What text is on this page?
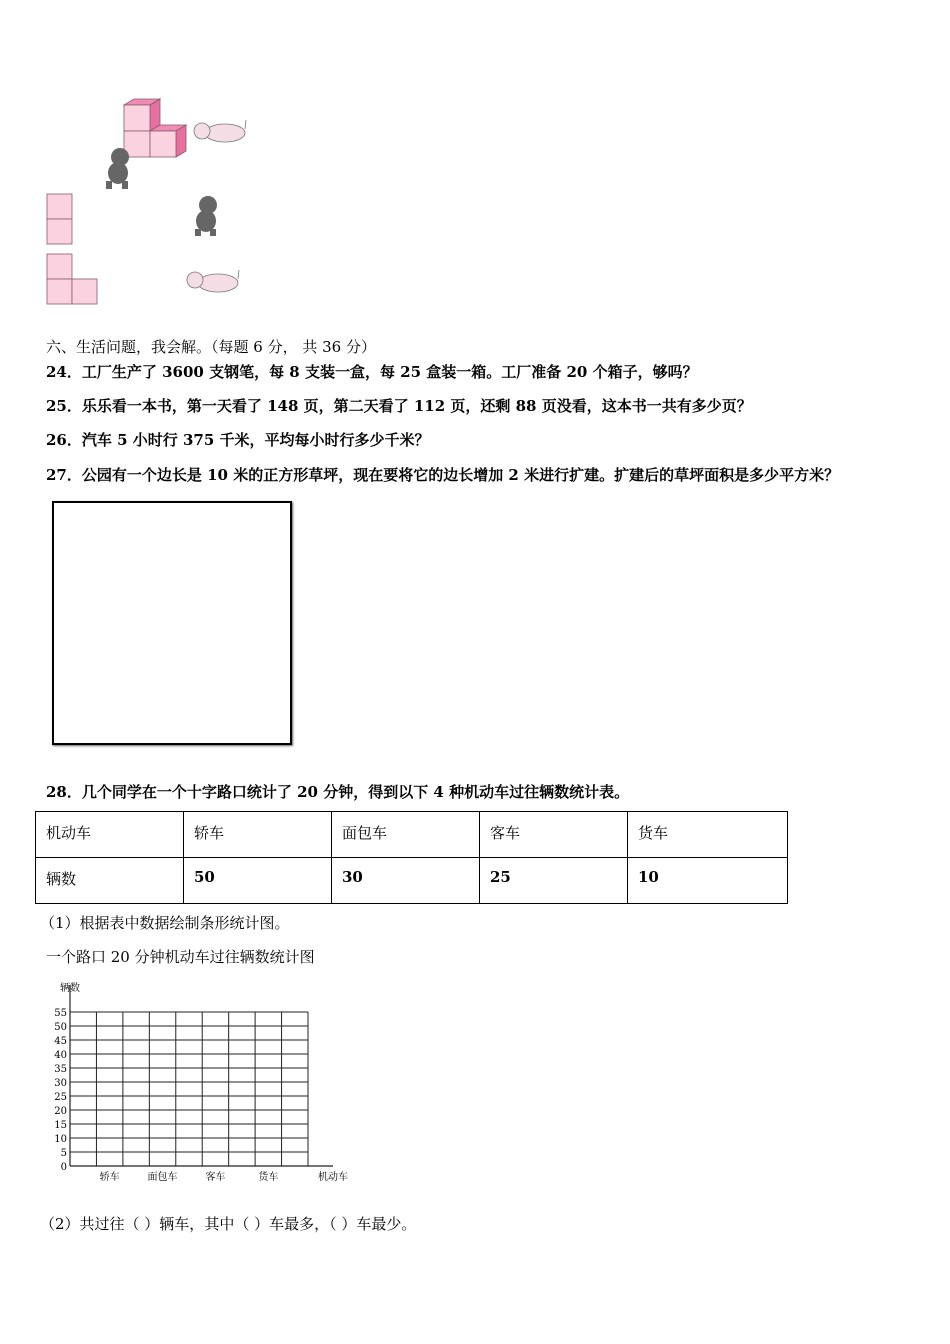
六、生活问题，我会解。（每题 6 分， 共 36 分）
24．工厂生产了 3600 支钢笔，每 8 支装一盒，每 25 盒装一箱。工厂准备 20 个箱子，够吗？
25．乐乐看一本书，第一天看了 148 页，第二天看了 112 页，还剩 88 页没看，这本书一共有多少页？
26．汽车 5 小时行 375 千米，平均每小时行多少千米？
27．公园有一个边长是 10 米的正方形草坪，现在要将它的边长增加 2 米进行扩建。扩建后的草坪面积是多少平方米？
28．几个同学在一个十字路口统计了 20 分钟，得到以下 4 种机动车过往辆数统计表。
机动车	轿车	面包车	客车	货车
辆数	50	30	25	10
（1）根据表中数据绘制条形统计图。
一个路口 20 分钟机动车过往辆数统计图
0
5
10
15
20
25
30
35
40
45
50
55
辆数
轿车	面包车	客车	货车	机动车
（2）共过往（ ）辆车，其中（ ）车最多，（ ）车最少。
